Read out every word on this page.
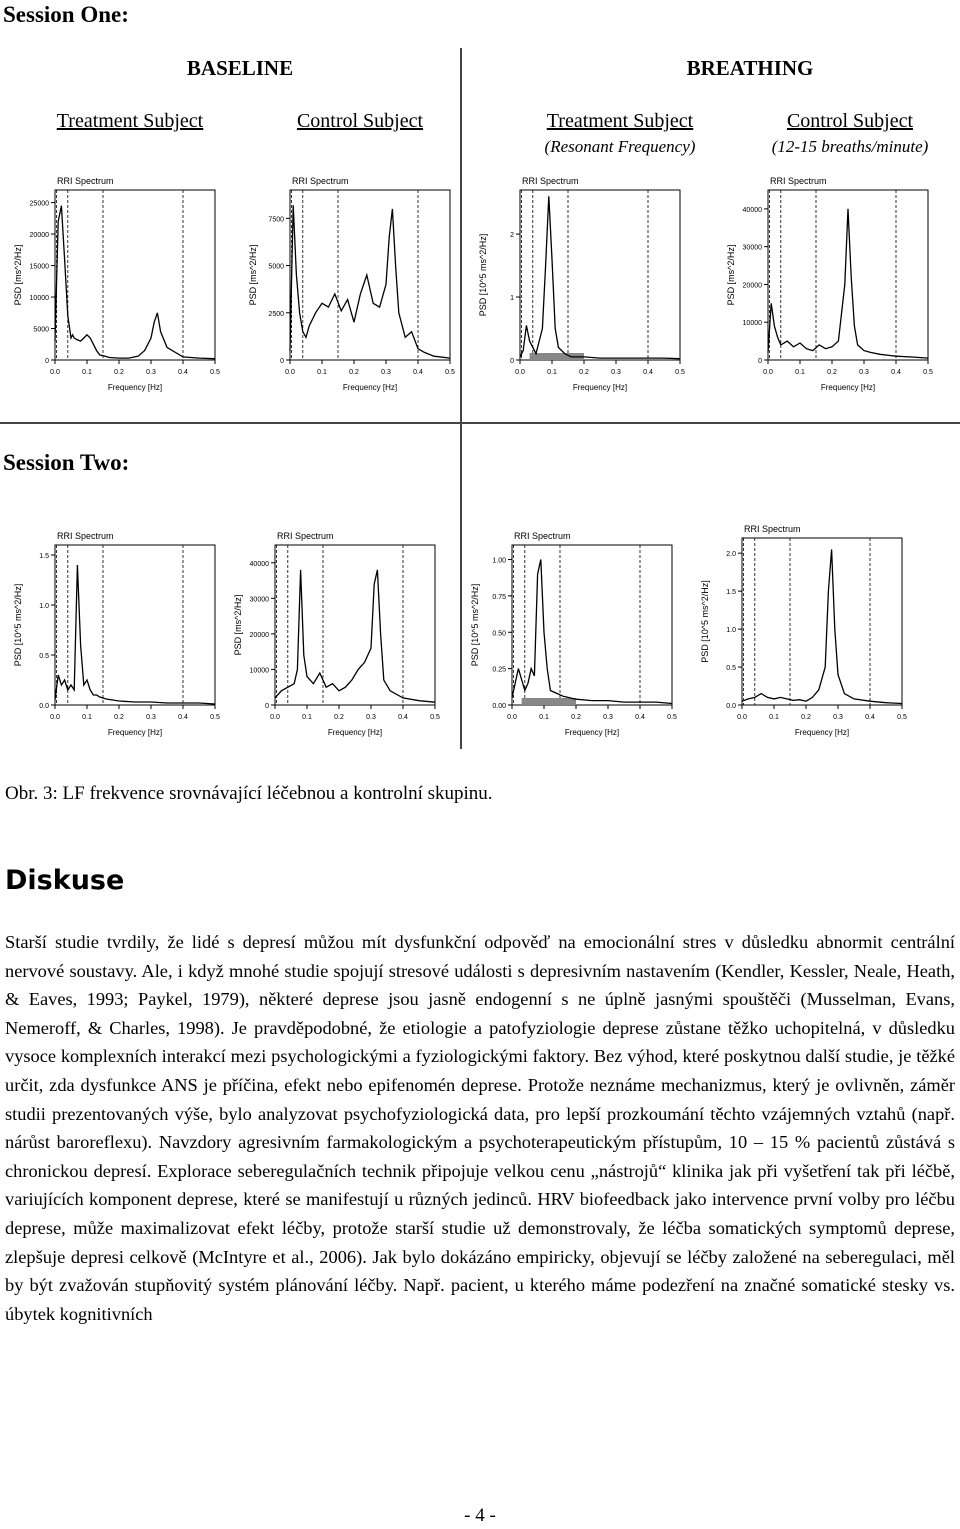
Session One:
BASELINE	BREATHING
Treatment Subject	Control Subject	Treatment Subject	Control Subject
(Resonant Frequency)	(12-15 breaths/minute)
Session Two:
RRI Spectrum
0
5000
10000
15000
20000
25000
0.0	0.1	0.2	0.3	0.4	0.5
Frequency [Hz]
PSD [ms^2/Hz]
RRI Spectrum
0
2500
5000
7500
0.0	0.1	0.2	0.3	0.4	0.5
Frequency [Hz]
PSD [ms^2/Hz]
RRI Spectrum
0
1
2
0.0	0.1	0.2	0.3	0.4	0.5
Frequency [Hz]
PSD [10^5 ms^2/Hz]
RRI Spectrum
0
10000
20000
30000
40000
0.0	0.1	0.2	0.3	0.4	0.5
Frequency [Hz]
PSD [ms^2/Hz]
RRI Spectrum
0.0
0.5
1.0
1.5
0.0	0.1	0.2	0.3	0.4	0.5
Frequency [Hz]
PSD [10^5 ms^2/Hz]
RRI Spectrum
0
10000
20000
30000
40000
0.0	0.1	0.2	0.3	0.4	0.5
Frequency [Hz]
PSD [ms^2/Hz]
RRI Spectrum
0.00
0.25
0.50
0.75
1.00
0.0	0.1	0.2	0.3	0.4	0.5
Frequency [Hz]
PSD [10^5 ms^2/Hz]
RRI Spectrum
0.0
0.5
1.0
1.5
2.0
0.0	0.1	0.2	0.3	0.4	0.5
Frequency [Hz]
PSD [10^5 ms^2/Hz]
Obr. 3: LF frekvence srovnávající léčebnou a kontrolní skupinu.
Diskuse
Starší studie tvrdily, že lidé s depresí můžou mít dysfunkční odpověď na emocionální stres v důsledku abnormit centrální nervové soustavy. Ale, i když mnohé studie spojují stresové události s depresivním nastavením (Kendler, Kessler, Neale, Heath, & Eaves, 1993; Paykel, 1979), některé deprese jsou jasně endogenní s ne úplně jasnými spouštěči (Musselman, Evans, Nemeroff, & Charles, 1998). Je pravděpodobné, že etiologie a patofyziologie deprese zůstane těžko uchopitelná, v důsledku vysoce komplexních interakcí mezi psychologickými a fyziologickými faktory. Bez výhod, které poskytnou další studie, je těžké určit, zda dysfunkce ANS je příčina, efekt nebo epifenomén deprese. Protože neznáme mechanizmus, který je ovlivněn, záměr studii prezentovaných výše, bylo analyzovat psychofyziologická data, pro lepší prozkoumání těchto vzájemných vztahů (např. nárůst baroreflexu). Navzdory agresivním farmakologickým a psychoterapeutickým přístupům, 10 – 15 % pacientů zůstává s chronickou depresí. Explorace seberegulačních technik připojuje velkou cenu „nástrojů“ klinika jak při vyšetření tak při léčbě, variujících komponent deprese, které se manifestují u různých jedinců. HRV biofeedback jako intervence první volby pro léčbu deprese, může maximalizovat efekt léčby, protože starší studie už demonstrovaly, že léčba somatických symptomů deprese, zlepšuje depresi celkově (McIntyre et al., 2006). Jak bylo dokázáno empiricky, objevují se léčby založené na seberegulaci, měl by být zvažován stupňovitý systém plánování léčby. Např. pacient, u kterého máme podezření na značné somatické stesky vs. úbytek kognitivních
- 4 -
